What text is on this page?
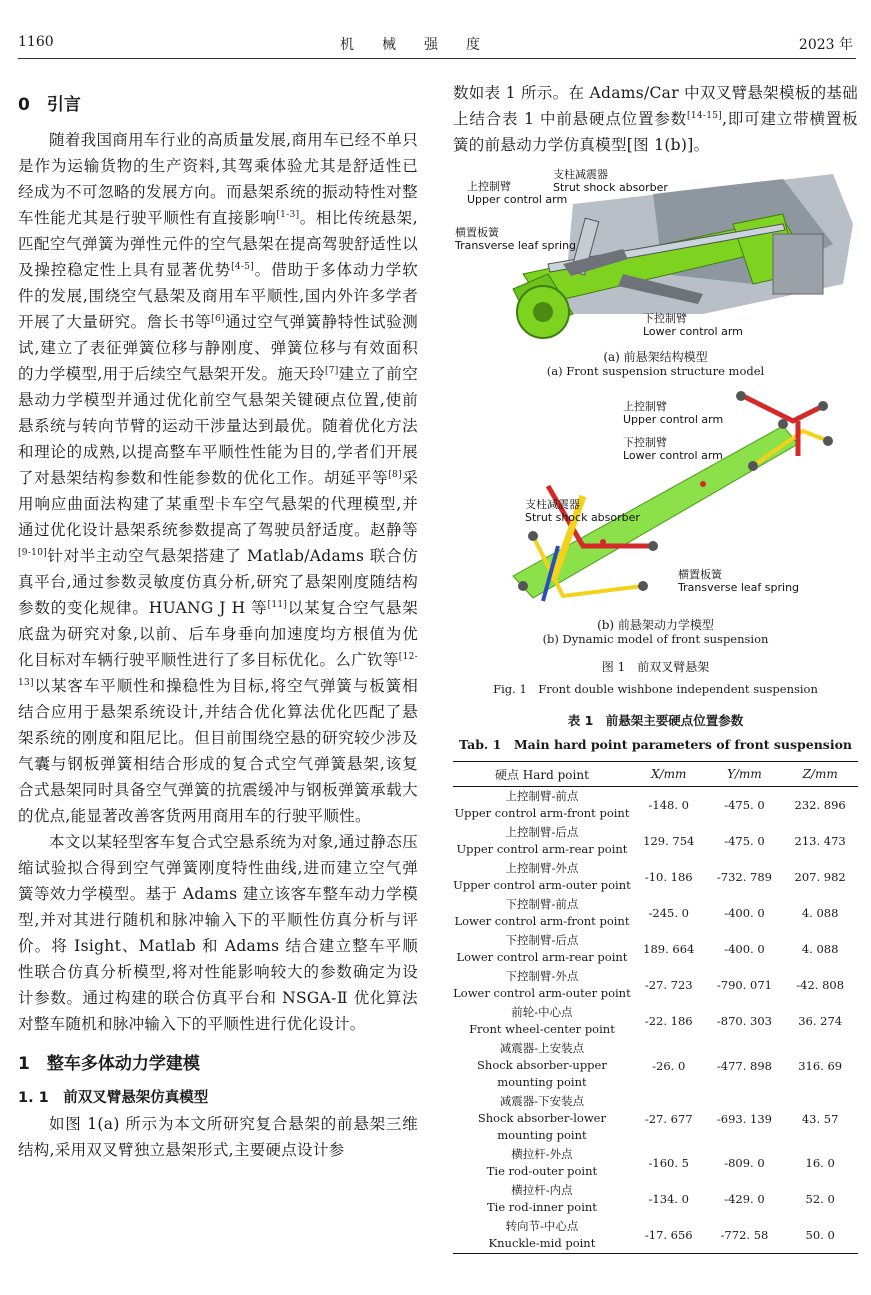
1160	机　　械　　强　　度	2023 年
0　引言

随着我国商用车行业的高质量发展,商用车已经不单只是作为运输货物的生产资料,其驾乘体验尤其是舒适性已经成为不可忽略的发展方向。而悬架系统的振动特性对整车性能尤其是行驶平顺性有直接影响[1-3]。相比传统悬架,匹配空气弹簧为弹性元件的空气悬架在提高驾驶舒适性以及操控稳定性上具有显著优势[4-5]。借助于多体动力学软件的发展,围绕空气悬架及商用车平顺性,国内外许多学者开展了大量研究。詹长书等[6]通过空气弹簧静特性试验测试,建立了表征弹簧位移与静刚度、弹簧位移与有效面积的力学模型,用于后续空气悬架开发。施天玲[7]建立了前空悬动力学模型并通过优化前空气悬架关键硬点位置,使前悬系统与转向节臂的运动干涉量达到最优。随着优化方法和理论的成熟,以提高整车平顺性性能为目的,学者们开展了对悬架结构参数和性能参数的优化工作。胡延平等[8]采用响应曲面法构建了某重型卡车空气悬架的代理模型,并通过优化设计悬架系统参数提高了驾驶员舒适度。赵静等[9-10]针对半主动空气悬架搭建了 Matlab/Adams 联合仿真平台,通过参数灵敏度仿真分析,研究了悬架刚度随结构参数的变化规律。HUANG J H 等[11]以某复合空气悬架底盘为研究对象,以前、后车身垂向加速度均方根值为优化目标对车辆行驶平顺性进行了多目标优化。么广钦等[12-13]以某客车平顺性和操稳性为目标,将空气弹簧与板簧相结合应用于悬架系统设计,并结合优化算法优化匹配了悬架系统的刚度和阻尼比。但目前围绕空悬的研究较少涉及气囊与钢板弹簧相结合形成的复合式空气弹簧悬架,该复合式悬架同时具备空气弹簧的抗震缓冲与钢板弹簧承载大的优点,能显著改善客货两用商用车的行驶平顺性。

本文以某轻型客车复合式空悬系统为对象,通过静态压缩试验拟合得到空气弹簧刚度特性曲线,进而建立空气弹簧等效力学模型。基于 Adams 建立该客车整车动力学模型,并对其进行随机和脉冲输入下的平顺性仿真分析与评价。将 Isight、Matlab 和 Adams 结合建立整车平顺性联合仿真分析模型,将对性能影响较大的参数确定为设计参数。通过构建的联合仿真平台和 NSGA-Ⅱ 优化算法对整车随机和脉冲输入下的平顺性进行优化设计。

1　整车多体动力学建模
1. 1　前双叉臂悬架仿真模型

如图 1(a) 所示为本文所研究复合悬架的前悬架三维结构,采用双叉臂独立悬架形式,主要硬点设计参

数如表 1 所示。在 Adams/Car 中双叉臂悬架模板的基础上结合表 1 中前悬硬点位置参数[14-15],即可建立带横置板簧的前悬动力学仿真模型[图 1(b)]。

支柱减震器
Strut shock absorber
上控制臂
Upper control arm
横置板簧
Transverse leaf spring
下控制臂
Lower control arm
(a) 前悬架结构模型
(a) Front suspension structure model
上控制臂
Upper control arm
下控制臂
Lower control arm
支柱减震器
Strut shock absorber
横置板簧
Transverse leaf spring
(b) 前悬架动力学模型
(b) Dynamic model of front suspension
图 1　前双叉臂悬架
Fig. 1　Front double wishbone independent suspension
表 1　前悬架主要硬点位置参数
Tab. 1　Main hard point parameters of front suspension
硬点 Hard point	X/mm	Y/mm	Z/mm

上控制臂-前点
Upper control arm-front point	-148. 0	-475. 0	232. 896

上控制臂-后点
Upper control arm-rear point	129. 754	-475. 0	213. 473

上控制臂-外点
Upper control arm-outer point	-10. 186	-732. 789	207. 982

下控制臂-前点
Lower control arm-front point	-245. 0	-400. 0	4. 088

下控制臂-后点
Lower control arm-rear point	189. 664	-400. 0	4. 088

下控制臂-外点
Lower control arm-outer point	-27. 723	-790. 071	-42. 808

前轮-中心点
Front wheel-center point	-22. 186	-870. 303	36. 274

减震器-上安装点
Shock absorber-upper mounting point	-26. 0	-477. 898	316. 69

减震器-下安装点
Shock absorber-lower mounting point	-27. 677	-693. 139	43. 57

横拉杆-外点
Tie rod-outer point	-160. 5	-809. 0	16. 0

横拉杆-内点
Tie rod-inner point	-134. 0	-429. 0	52. 0

转向节-中心点
Knuckle-mid point	-17. 656	-772. 58	50. 0
